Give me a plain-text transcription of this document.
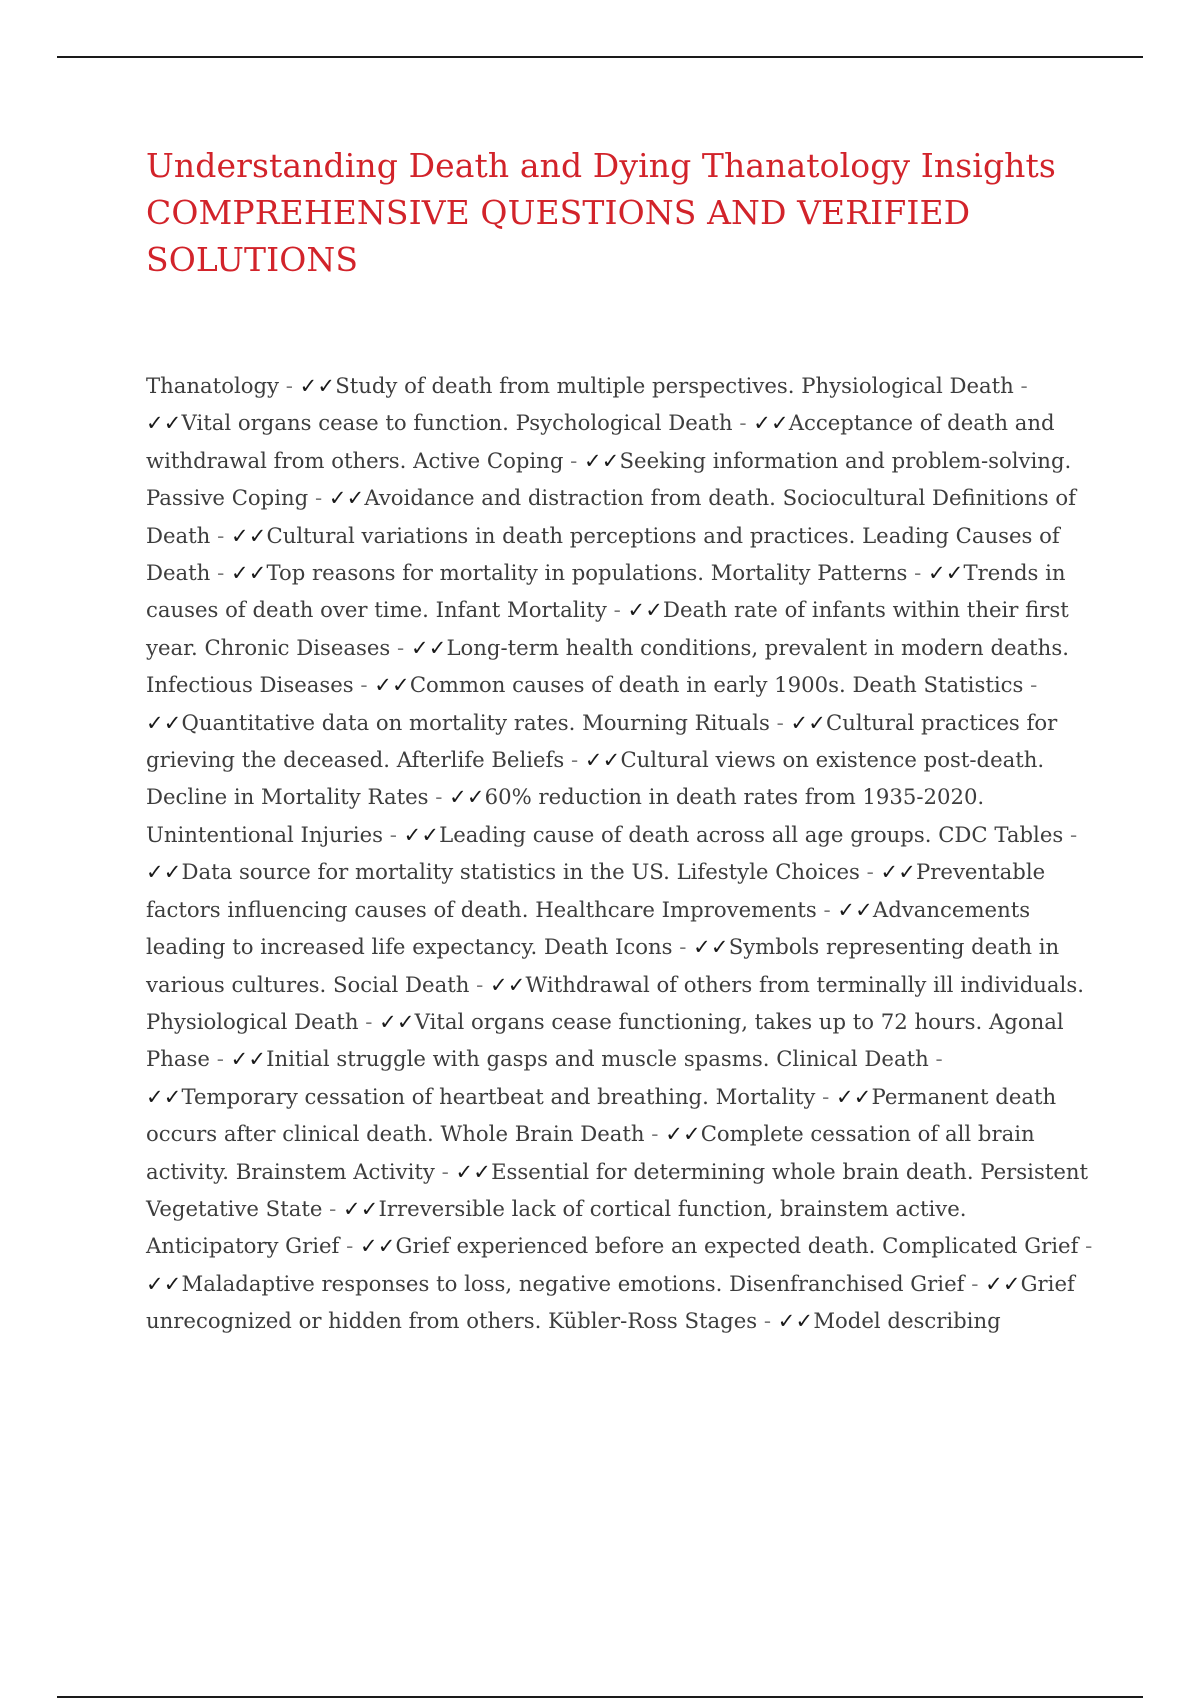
Understanding Death and Dying Thanatology Insights COMPREHENSIVE QUESTIONS AND VERIFIED SOLUTIONS

Thanatology - ✓✓Study of death from multiple perspectives. Physiological Death - ✓✓Vital organs cease to function. Psychological Death - ✓✓Acceptance of death and withdrawal from others. Active Coping - ✓✓Seeking information and problem-solving. Passive Coping - ✓✓Avoidance and distraction from death. Sociocultural Definitions of Death - ✓✓Cultural variations in death perceptions and practices. Leading Causes of Death - ✓✓Top reasons for mortality in populations. Mortality Patterns - ✓✓Trends in causes of death over time. Infant Mortality - ✓✓Death rate of infants within their first year. Chronic Diseases - ✓✓Long-term health conditions, prevalent in modern deaths. Infectious Diseases - ✓✓Common causes of death in early 1900s. Death Statistics - ✓✓Quantitative data on mortality rates. Mourning Rituals - ✓✓Cultural practices for grieving the deceased. Afterlife Beliefs - ✓✓Cultural views on existence post-death. Decline in Mortality Rates - ✓✓60% reduction in death rates from 1935-2020. Unintentional Injuries - ✓✓Leading cause of death across all age groups. CDC Tables - ✓✓Data source for mortality statistics in the US. Lifestyle Choices - ✓✓Preventable factors influencing causes of death. Healthcare Improvements - ✓✓Advancements leading to increased life expectancy. Death Icons - ✓✓Symbols representing death in various cultures. Social Death - ✓✓Withdrawal of others from terminally ill individuals. Physiological Death - ✓✓Vital organs cease functioning, takes up to 72 hours. Agonal Phase - ✓✓Initial struggle with gasps and muscle spasms. Clinical Death - ✓✓Temporary cessation of heartbeat and breathing. Mortality - ✓✓Permanent death occurs after clinical death. Whole Brain Death - ✓✓Complete cessation of all brain activity. Brainstem Activity - ✓✓Essential for determining whole brain death. Persistent Vegetative State - ✓✓Irreversible lack of cortical function, brainstem active. Anticipatory Grief - ✓✓Grief experienced before an expected death. Complicated Grief - ✓✓Maladaptive responses to loss, negative emotions. Disenfranchised Grief - ✓✓Grief unrecognized or hidden from others. Kübler-Ross Stages - ✓✓Model describing
